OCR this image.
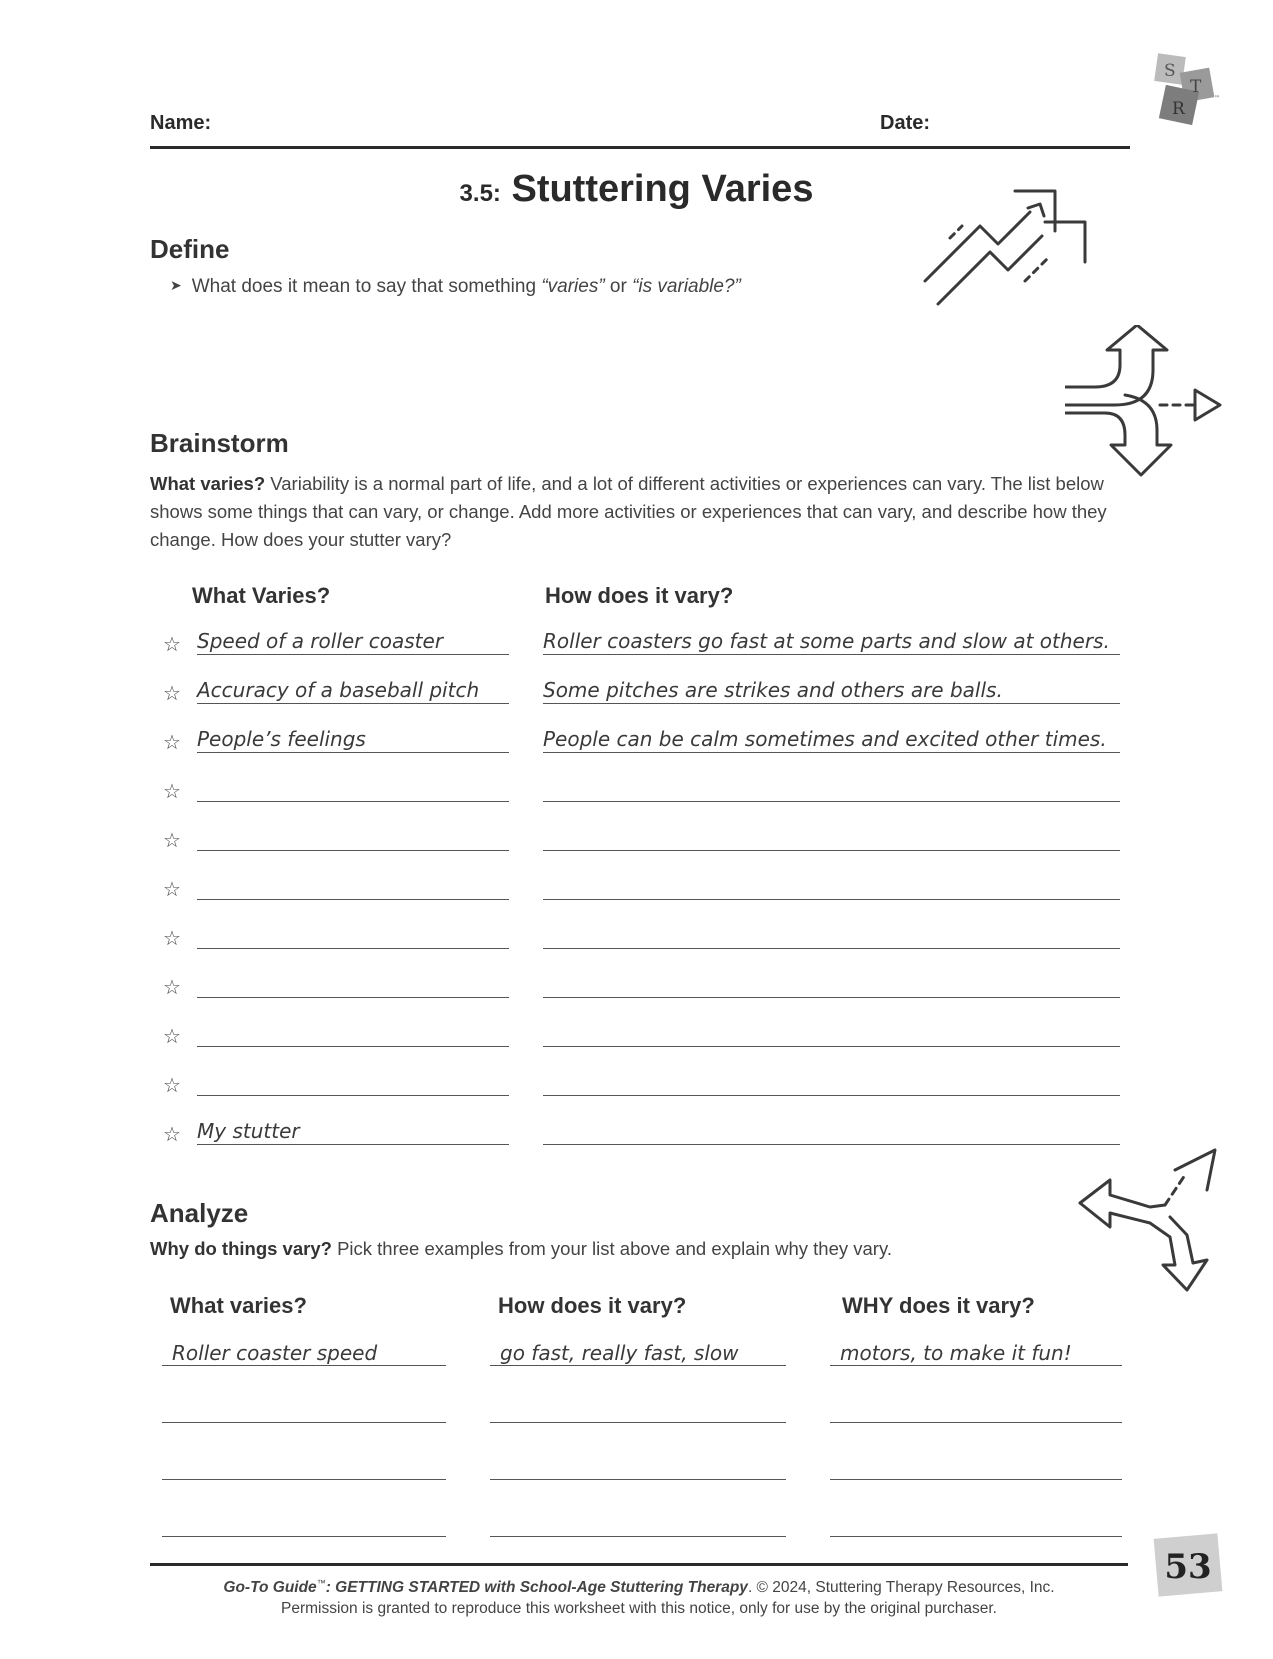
Name:	Date:
S
T
R
™
3.5: Stuttering Varies
Define
➤ What does it mean to say that something “varies” or “is variable?”
Brainstorm
What varies? Variability is a normal part of life, and a lot of different activities or experiences can vary. The list below shows some things that can vary, or change. Add more activities or experiences that can vary, and describe how they change. How does your stutter vary?
What Varies?	How does it vary?
☆ Speed of a roller coaster	Roller coasters go fast at some parts and slow at others.
☆ Accuracy of a baseball pitch	Some pitches are strikes and others are balls.
☆ People’s feelings	People can be calm sometimes and excited other times.
☆
☆
☆
☆
☆
☆
☆
☆ My stutter
Analyze
Why do things vary? Pick three examples from your list above and explain why they vary.
What varies?	How does it vary?	WHY does it vary?
Roller coaster speed	go fast, really fast, slow	motors, to make it fun!
Go-To Guide™: GETTING STARTED with School-Age Stuttering Therapy. © 2024, Stuttering Therapy Resources, Inc.
Permission is granted to reproduce this worksheet with this notice, only for use by the original purchaser.
53
